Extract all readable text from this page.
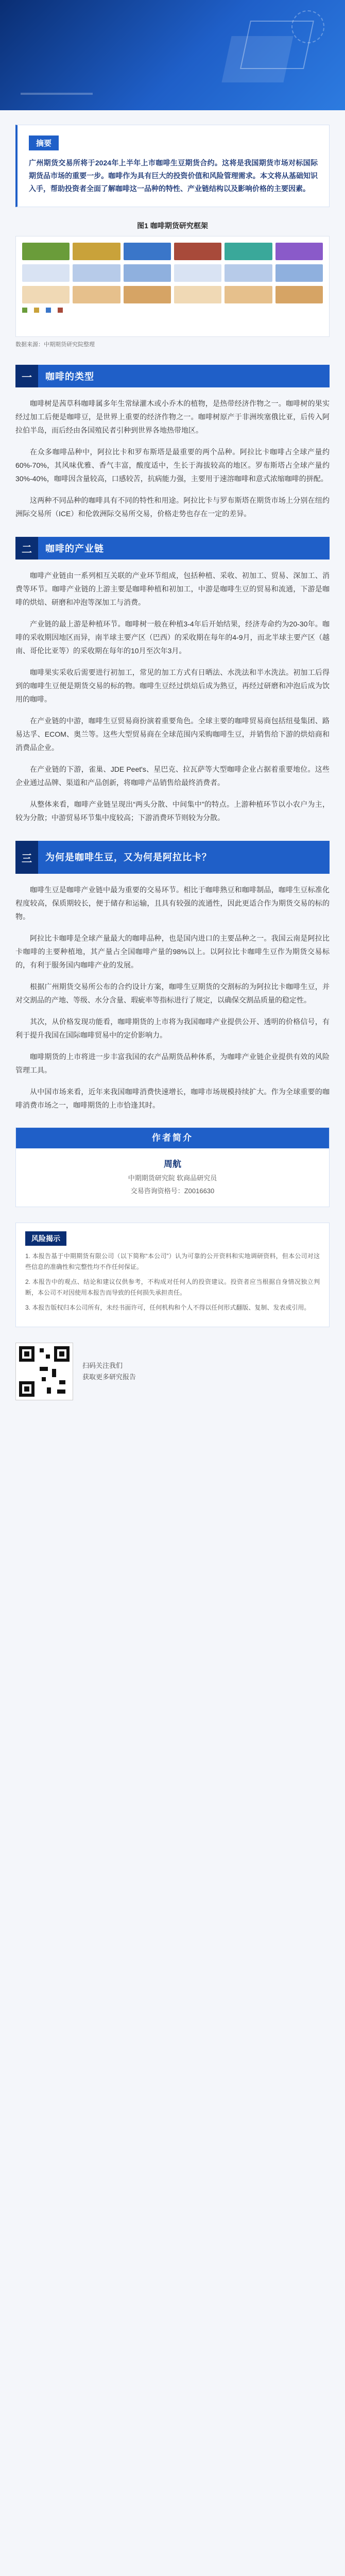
摘要
广州期货交易所将于2024年上半年上市咖啡生豆期货合约。这将是我国期货市场对标国际期货品市场的重要一步。咖啡作为具有巨大的投资价值和风险管理需求。本文将从基础知识入手，帮助投资者全面了解咖啡这一品种的特性、产业链结构以及影响价格的主要因素。
图1 咖啡期货研究框架
数据来源：中期期货研究院整理
一	咖啡的类型

咖啡树是茜草科咖啡属多年生常绿灌木或小乔木的植物，是热带经济作物之一。咖啡树的果实经过加工后便是咖啡豆，是世界上重要的经济作物之一。咖啡树原产于非洲埃塞俄比亚，后传入阿拉伯半岛，而后经由各国殖民者引种到世界各地热带地区。

在众多咖啡品种中，阿拉比卡和罗布斯塔是最重要的两个品种。阿拉比卡咖啡占全球产量约60%-70%，其风味优雅、香气丰富，酸度适中，生长于海拔较高的地区。罗布斯塔占全球产量约30%-40%，咖啡因含量较高，口感较苦，抗病能力强，主要用于速溶咖啡和意式浓缩咖啡的拼配。

这两种不同品种的咖啡具有不同的特性和用途。阿拉比卡与罗布斯塔在期货市场上分别在纽约洲际交易所（ICE）和伦敦洲际交易所交易，价格走势也存在一定的差异。

二	咖啡的产业链

咖啡产业链由一系列相互关联的产业环节组成，包括种植、采收、初加工、贸易、深加工、消费等环节。咖啡产业链的上游主要是咖啡种植和初加工，中游是咖啡生豆的贸易和流通，下游是咖啡的烘焙、研磨和冲泡等深加工与消费。

产业链的最上游是种植环节。咖啡树一般在种植3-4年后开始结果，经济寿命约为20-30年。咖啡的采收期因地区而异，南半球主要产区（巴西）的采收期在每年的4-9月，而北半球主要产区（越南、哥伦比亚等）的采收期在每年的10月至次年3月。

咖啡果实采收后需要进行初加工，常见的加工方式有日晒法、水洗法和半水洗法。初加工后得到的咖啡生豆便是期货交易的标的物。咖啡生豆经过烘焙后成为熟豆，再经过研磨和冲泡后成为饮用的咖啡。

在产业链的中游，咖啡生豆贸易商扮演着重要角色。全球主要的咖啡贸易商包括纽曼集团、路易达孚、ECOM、奥兰等。这些大型贸易商在全球范围内采购咖啡生豆，并销售给下游的烘焙商和消费品企业。

在产业链的下游，雀巢、JDE Peet's、星巴克、拉瓦萨等大型咖啡企业占据着重要地位。这些企业通过品牌、渠道和产品创新，将咖啡产品销售给最终消费者。

从整体来看，咖啡产业链呈现出“两头分散、中间集中”的特点。上游种植环节以小农户为主，较为分散；中游贸易环节集中度较高；下游消费环节则较为分散。

三	为何是咖啡生豆，又为何是阿拉比卡？

咖啡生豆是咖啡产业链中最为重要的交易环节。相比于咖啡熟豆和咖啡制品，咖啡生豆标准化程度较高，保质期较长，便于储存和运输，且具有较强的流通性，因此更适合作为期货交易的标的物。

阿拉比卡咖啡是全球产量最大的咖啡品种，也是国内进口的主要品种之一。我国云南是阿拉比卡咖啡的主要种植地，其产量占全国咖啡产量的98%以上。以阿拉比卡咖啡生豆作为期货交易标的，有利于服务国内咖啡产业的发展。

根据广州期货交易所公布的合约设计方案，咖啡生豆期货的交割标的为阿拉比卡咖啡生豆，并对交割品的产地、等级、水分含量、瑕疵率等指标进行了规定，以确保交割品质量的稳定性。

其次，从价格发现功能看，咖啡期货的上市将为我国咖啡产业提供公开、透明的价格信号，有利于提升我国在国际咖啡贸易中的定价影响力。

咖啡期货的上市将进一步丰富我国的农产品期货品种体系，为咖啡产业链企业提供有效的风险管理工具。

从中国市场来看，近年来我国咖啡消费快速增长，咖啡市场规模持续扩大。作为全球重要的咖啡消费市场之一，咖啡期货的上市恰逢其时。

作者简介
周航
中期期货研究院 软商品研究员
交易咨询资格号：Z0016630
风险揭示

1. 本报告基于中期期货有限公司（以下简称“本公司”）认为可靠的公开资料和实地调研资料，但本公司对这些信息的准确性和完整性均不作任何保证。

2. 本报告中的观点、结论和建议仅供参考，不构成对任何人的投资建议。投资者应当根据自身情况独立判断，本公司不对因使用本报告而导致的任何损失承担责任。

3. 本报告版权归本公司所有，未经书面许可，任何机构和个人不得以任何形式翻版、复制、发表或引用。

扫码关注我们
获取更多研究报告
